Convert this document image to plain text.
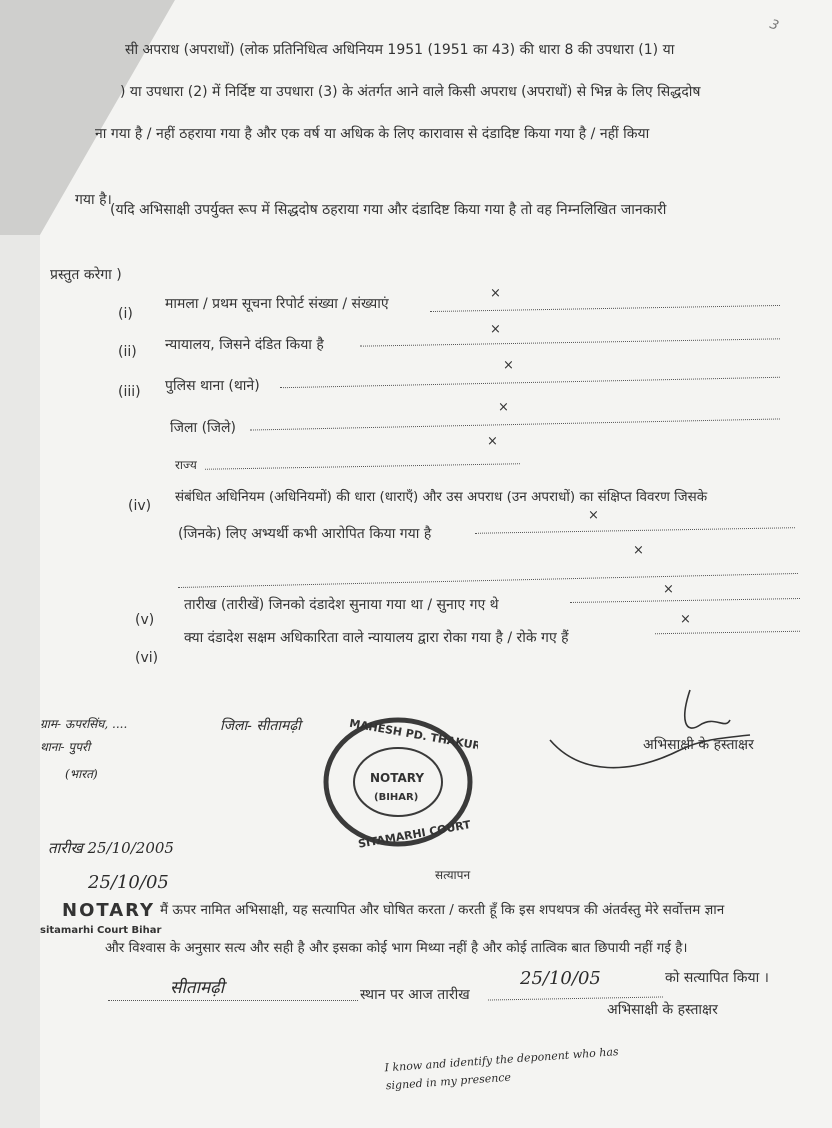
3
सी अपराध (अपराधों) (लोक प्रतिनिधित्व अधिनियम 1951 (1951 का 43) की धारा 8 की उपधारा (1) या
) या उपधारा (2) में निर्दिष्ट या उपधारा (3) के अंतर्गत आने वाले किसी अपराध (अपराधों) से भिन्न के लिए सिद्धदोष
ना गया है / नहीं ठहराया गया है और एक वर्ष या अधिक के लिए कारावास से दंडादिष्ट किया गया है / नहीं किया
गया है।
(यदि अभिसाक्षी उपर्युक्त रूप में सिद्धदोष ठहराया गया और दंडादिष्ट किया गया है तो वह निम्नलिखित जानकारी
प्रस्तुत करेगा )
(i)
मामला / प्रथम सूचना रिपोर्ट संख्या / संख्याएं
×
(ii) न्यायालय, जिसने दंडित किया है
×
(iii) पुलिस थाना (थाने)
×
जिला (जिले)
×
राज्य
×
(iv)
संबंधित अधिनियम (अधिनियमों) की धारा (धाराएँ) और उस अपराध (उन अपराधों) का संक्षिप्त विवरण जिसके
(जिनके) लिए अभ्यर्थी कभी आरोपित किया गया है
×
×
(v)
तारीख (तारीखें) जिनको दंडादेश सुनाया गया था / सुनाए गए थे
×
(vi)
क्या दंडादेश सक्षम अधिकारिता वाले न्यायालय द्वारा रोका गया है / रोके गए हैं
×
अभिसाक्षी के हस्ताक्षर
ग्राम- ऊपरसिंघ, ....	जिला- सीतामढ़ी
थाना- पुपरी
(भारत)
तारीख 25/10/2005
25/10/05
NOTARY
sitamarhi Court Bihar
MAHESH PD. THAKUR
SITAMARHI COURT
NOTARY
(BIHAR)
सत्यापन
मैं ऊपर नामित अभिसाक्षी, यह सत्यापित और घोषित करता / करती हूँ कि इस शपथपत्र की अंतर्वस्तु मेरे सर्वोत्तम ज्ञान
और विश्वास के अनुसार सत्य और सही है और इसका कोई भाग मिथ्या नहीं है और कोई तात्विक बात छिपायी नहीं गई है।
सीतामढ़ी	स्थान पर आज तारीख
25/10/05	को सत्यापित किया ।
अभिसाक्षी के हस्ताक्षर
I know and identify the deponent who has signed in my presence
